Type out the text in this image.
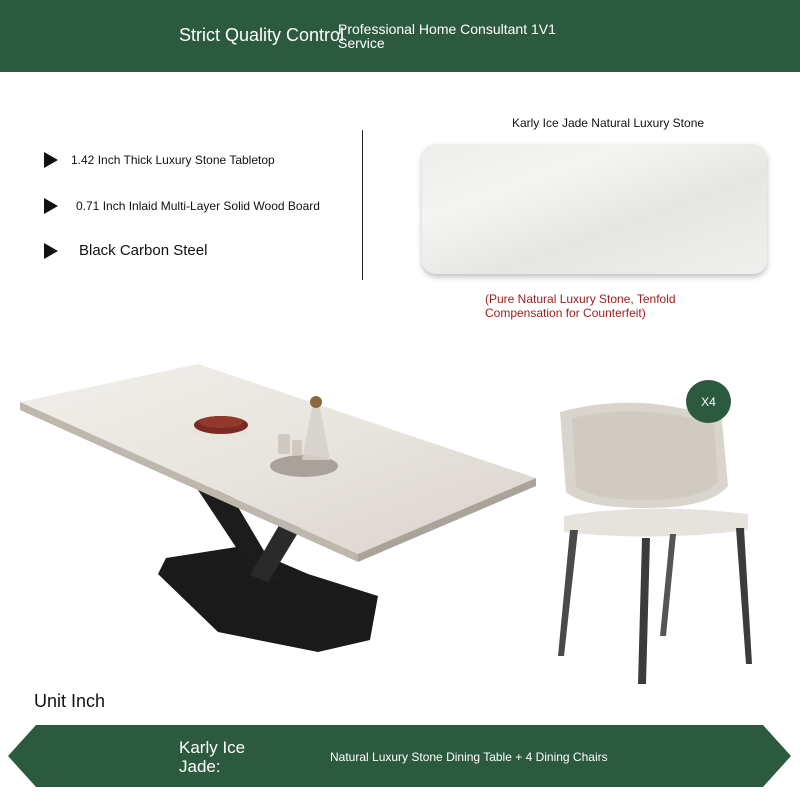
Strict Quality Control
Professional Home Consultant 1V1 Service
1.42 Inch Thick Luxury Stone Tabletop
0.71 Inch Inlaid Multi-Layer Solid Wood Board
Black Carbon Steel
Karly Ice Jade Natural Luxury Stone
(Pure Natural Luxury Stone, Tenfold Compensation for Counterfeit)
X4
Unit Inch
Karly Ice Jade:	Natural Luxury Stone Dining Table + 4 Dining Chairs
